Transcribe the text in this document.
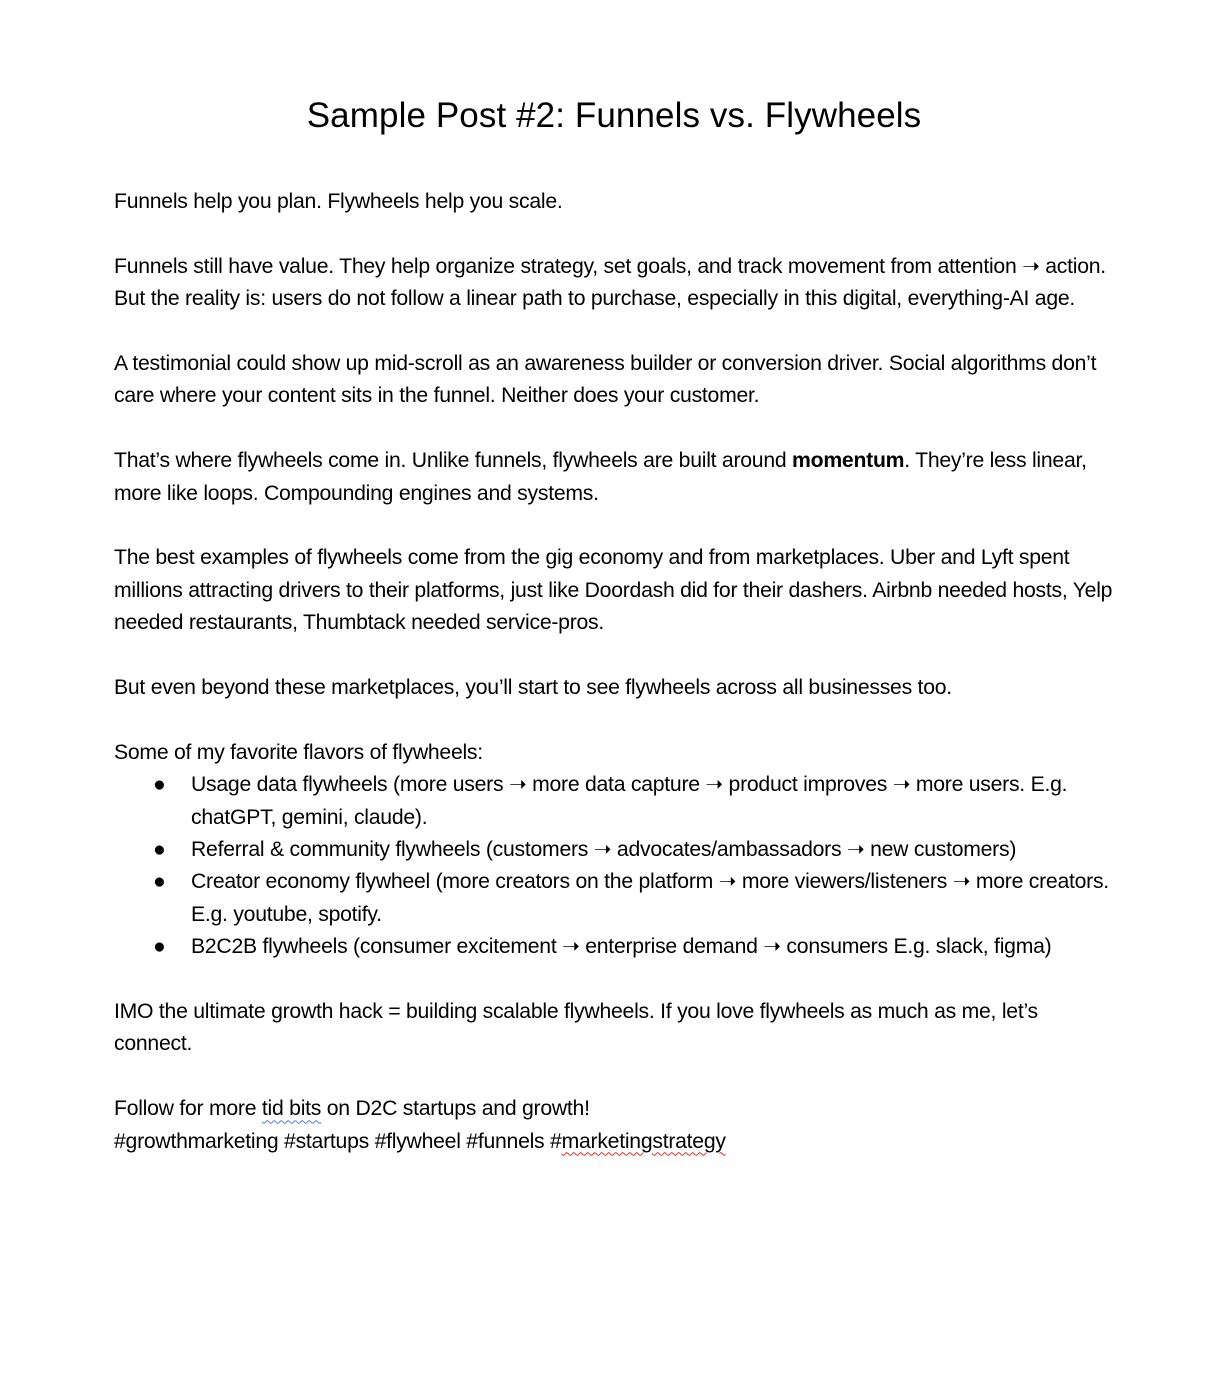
Sample Post #2: Funnels vs. Flywheels

Funnels help you plan. Flywheels help you scale.

Funnels still have value. They help organize strategy, set goals, and track movement from attention ➝ action. But the reality is: users do not follow a linear path to purchase, especially in this digital, everything-AI age.

A testimonial could show up mid-scroll as an awareness builder or conversion driver. Social algorithms don’t care where your content sits in the funnel. Neither does your customer.

That’s where flywheels come in. Unlike funnels, flywheels are built around momentum. They’re less linear, more like loops. Compounding engines and systems.

The best examples of flywheels come from the gig economy and from marketplaces. Uber and Lyft spent millions attracting drivers to their platforms, just like Doordash did for their dashers. Airbnb needed hosts, Yelp needed restaurants, Thumbtack needed service-pros.

But even beyond these marketplaces, you’ll start to see flywheels across all businesses too.

Some of my favorite flavors of flywheels:

● Usage data flywheels (more users ➝ more data capture ➝ product improves ➝ more users. E.g. chatGPT, gemini, claude).
● Referral & community flywheels (customers ➝ advocates/ambassadors ➝ new customers)
● Creator economy flywheel (more creators on the platform ➝ more viewers/listeners ➝ more creators. E.g. youtube, spotify.
● B2C2B flywheels (consumer excitement ➝ enterprise demand ➝ consumers E.g. slack, figma)

IMO the ultimate growth hack = building scalable flywheels. If you love flywheels as much as me, let’s connect.

Follow for more tid bits on D2C startups and growth!

#growthmarketing #startups #flywheel #funnels #marketingstrategy
